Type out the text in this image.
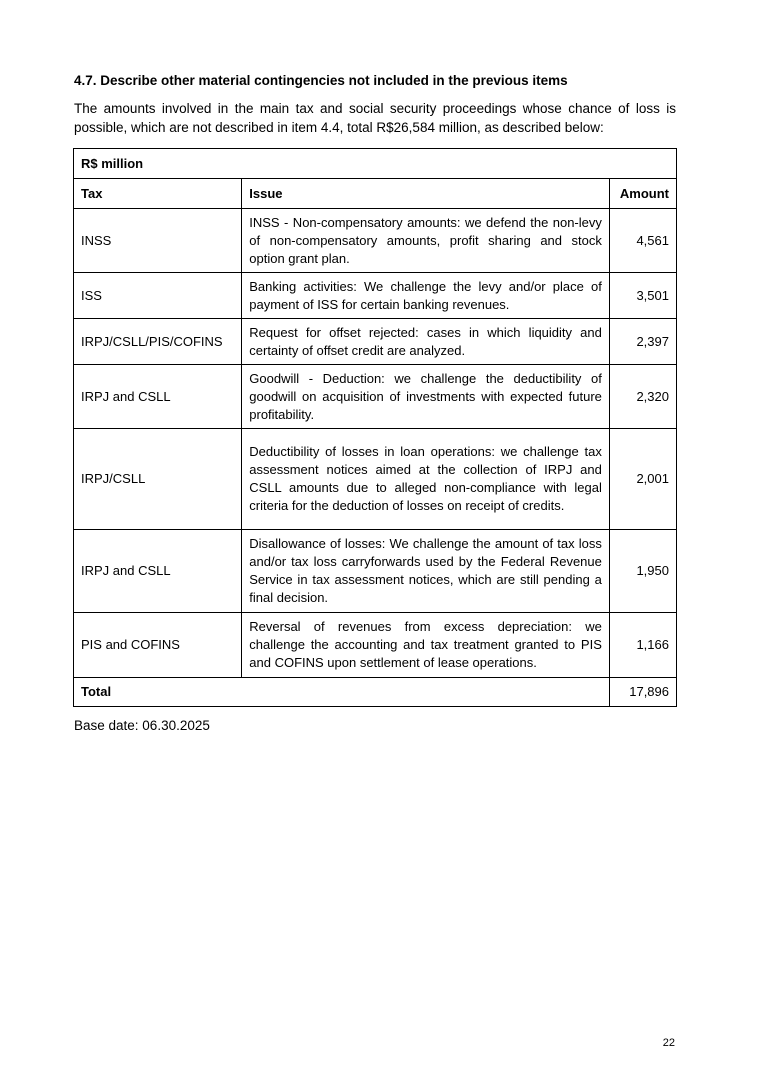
4.7. Describe other material contingencies not included in the previous items

The amounts involved in the main tax and social security proceedings whose chance of loss is possible, which are not described in item 4.4, total R$26,584 million, as described below:

R$ million		
Tax	Issue	Amount
INSS	INSS - Non-compensatory amounts: we defend the non-levy of non-compensatory amounts, profit sharing and stock option grant plan.	4,561
ISS	Banking activities: We challenge the levy and/or place of payment of ISS for certain banking revenues.	3,501
IRPJ/CSLL/PIS/COFINS	Request for offset rejected: cases in which liquidity and certainty of offset credit are analyzed.	2,397
IRPJ and CSLL	Goodwill - Deduction: we challenge the deductibility of goodwill on acquisition of investments with expected future profitability.	2,320
IRPJ/CSLL	Deductibility of losses in loan operations: we challenge tax assessment notices aimed at the collection of IRPJ and CSLL amounts due to alleged non-compliance with legal criteria for the deduction of losses on receipt of credits.	2,001
IRPJ and CSLL	Disallowance of losses: We challenge the amount of tax loss and/or tax loss carryforwards used by the Federal Revenue Service in tax assessment notices, which are still pending a final decision.	1,950
PIS and COFINS	Reversal of revenues from excess depreciation: we challenge the accounting and tax treatment granted to PIS and COFINS upon settlement of lease operations.	1,166
Total		17,896

Base date: 06.30.2025

22
